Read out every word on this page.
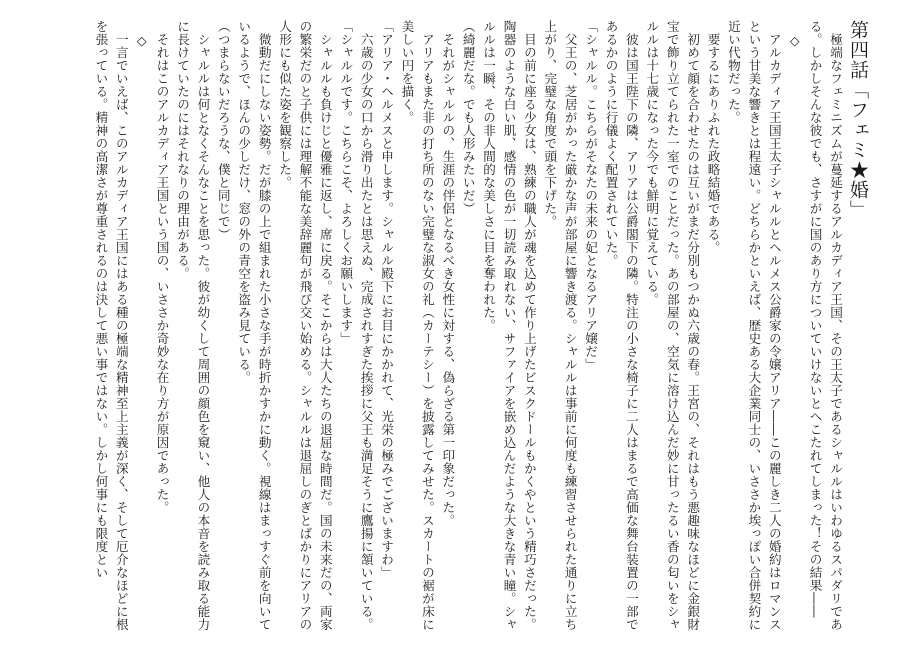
第四話「フェミ★婚」

極端なフェミニズムが蔓延するアルカディア王国、その王太子であるシャルルはいわゆるスパダリである。しかしそんな彼でも、さすがに国のあり方についていけないとへこたれてしまった！その結果――

◇

アルカディア王国王太子シャルルとヘルメス公爵家の令嬢アリア――この麗しき二人の婚約はロマンスという甘美な響きとは程遠い。どちらかといえば、歴史ある大企業同士の、いささか埃っぽい合併契約に近い代物だった。

要するにありふれた政略結婚である。

初めて顔を合わせたのは互いがまだ分別もつかぬ六歳の春。王宮の、それはもう悪趣味なほどに金銀財宝で飾り立てられた一室でのことだった。あの部屋の、空気に溶け込んだ妙に甘ったるい香の匂いをシャルルは十七歳になった今でも鮮明に覚えている。

彼は国王陛下の隣、アリアは公爵閣下の隣。特注の小さな椅子に二人はまるで高価な舞台装置の一部であるかのように行儀よく配置されていた。

「シャルル。こちらがそなたの未来の妃となるアリア嬢だ」

父王の、芝居がかった厳かな声が部屋に響き渡る。シャルルは事前に何度も練習させられた通りに立ち上がり、完璧な角度で頭を下げた。

目の前に座る少女は、熟練の職人が魂を込めて作り上げたビスクドールもかくやという精巧さだった。陶器のような白い肌、感情の色が一切読み取れない、サファイアを嵌め込んだような大きな青い瞳。シャルルは一瞬、その非人間的な美しさに目を奪われた。

（綺麗だな。でも人形みたいだ）

それがシャルルの、生涯の伴侶となるべき女性に対する、偽らざる第一印象だった。

アリアもまた非の打ち所のない完璧な淑女の礼（カーテシー）を披露してみせた。スカートの裾が床に美しい円を描く。

「アリア・ヘルメスと申します。シャルル殿下にお目にかかれて、光栄の極みでございますわ」

六歳の少女の口から滑り出たとは思えぬ、完成されすぎた挨拶に父王も満足そうに鷹揚に頷いている。

「シャルルです。こちらこそ、よろしくお願いします」

シャルルも負けじと優雅に返し、席に戻る。そこからは大人たちの退屈な時間だ。国の未来だの、両家の繁栄だのと子供には理解不能な美辞麗句が飛び交い始める。シャルルは退屈しのぎとばかりにアリアの人形にも似た姿を観察した。

微動だにしない姿勢。だが膝の上で組まれた小さな手が時折かすかに動く。視線はまっすぐ前を向いているようで、ほんの少しだけ、窓の外の青空を盗み見ている。

（つまらないだろうな、僕と同じで）

シャルルは何となくそんなことを思った。彼が幼くして周囲の顔色を窺い、他人の本音を読み取る能力に長けていたのにはそれなりの理由がある。

それはこのアルカディア王国という国の、いささか奇妙な在り方が原因であった。

◇

一言でいえば、このアルカディア王国にはある種の極端な精神至上主義が深く、そして厄介なほどに根を張っている。精神の高潔さが尊重されるのは決して悪い事ではない。しかし何事にも限度とい
